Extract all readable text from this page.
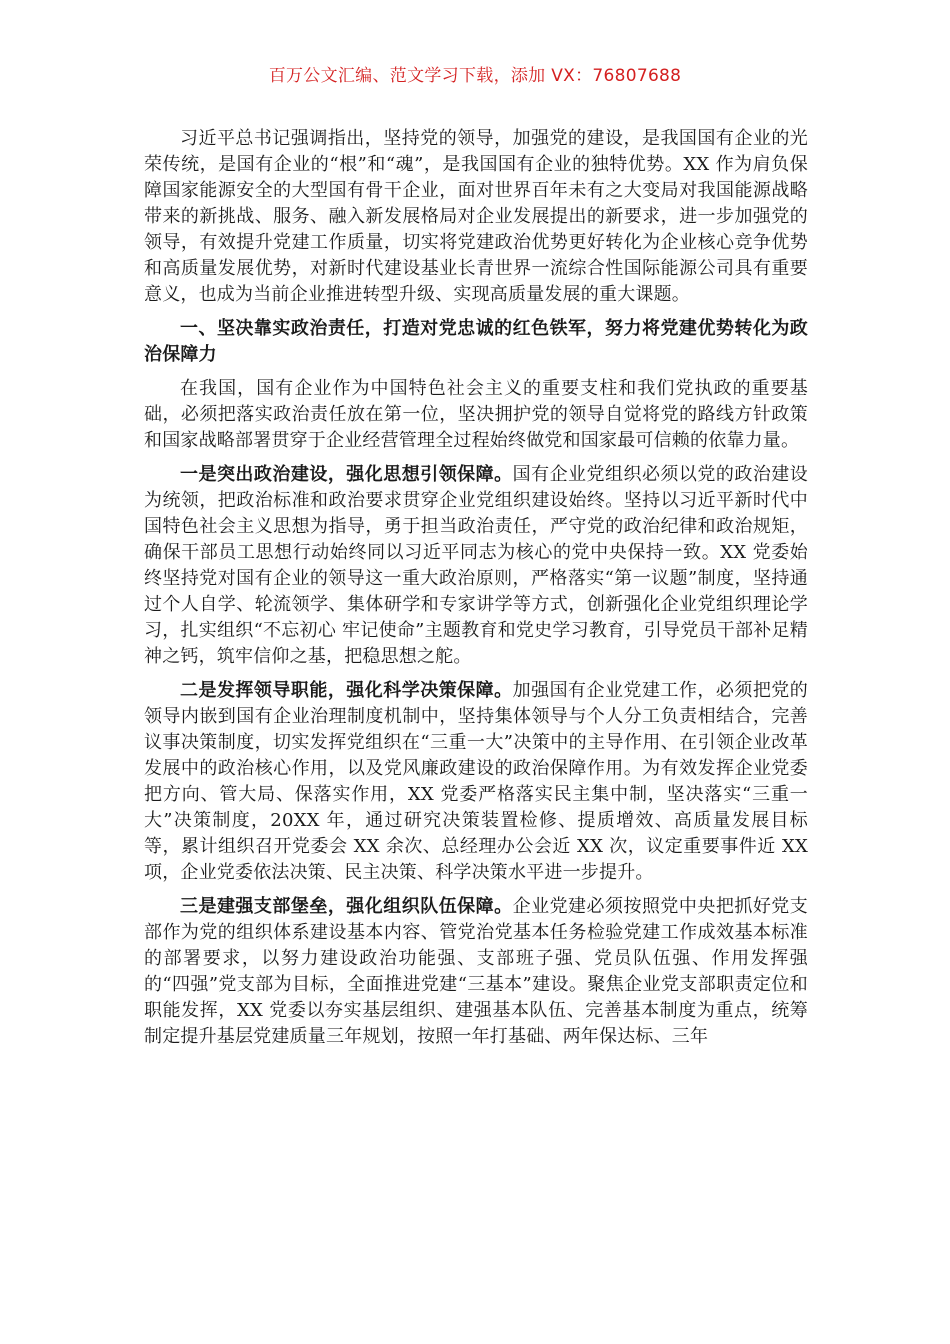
百万公文汇编、范文学习下载，添加 VX：76807688

习近平总书记强调指出，坚持党的领导，加强党的建设，是我国国有企业的光荣传统，是国有企业的“根”和“魂”，是我国国有企业的独特优势。XX 作为肩负保障国家能源安全的大型国有骨干企业，面对世界百年未有之大变局对我国能源战略带来的新挑战、服务、融入新发展格局对企业发展提出的新要求，进一步加强党的领导，有效提升党建工作质量，切实将党建政治优势更好转化为企业核心竞争优势和高质量发展优势，对新时代建设基业长青世界一流综合性国际能源公司具有重要意义，也成为当前企业推进转型升级、实现高质量发展的重大课题。

一、坚决靠实政治责任，打造对党忠诚的红色铁军，努力将党建优势转化为政治保障力

在我国，国有企业作为中国特色社会主义的重要支柱和我们党执政的重要基础，必须把落实政治责任放在第一位，坚决拥护党的领导自觉将党的路线方针政策和国家战略部署贯穿于企业经营管理全过程始终做党和国家最可信赖的依靠力量。

一是突出政治建设，强化思想引领保障。国有企业党组织必须以党的政治建设为统领，把政治标准和政治要求贯穿企业党组织建设始终。坚持以习近平新时代中国特色社会主义思想为指导，勇于担当政治责任，严守党的政治纪律和政治规矩，确保干部员工思想行动始终同以习近平同志为核心的党中央保持一致。XX 党委始终坚持党对国有企业的领导这一重大政治原则，严格落实“第一议题”制度，坚持通过个人自学、轮流领学、集体研学和专家讲学等方式，创新强化企业党组织理论学习，扎实组织“不忘初心 牢记使命”主题教育和党史学习教育，引导党员干部补足精神之钙，筑牢信仰之基，把稳思想之舵。

二是发挥领导职能，强化科学决策保障。加强国有企业党建工作，必须把党的领导内嵌到国有企业治理制度机制中，坚持集体领导与个人分工负责相结合，完善议事决策制度，切实发挥党组织在“三重一大”决策中的主导作用、在引领企业改革发展中的政治核心作用，以及党风廉政建设的政治保障作用。为有效发挥企业党委把方向、管大局、保落实作用，XX 党委严格落实民主集中制，坚决落实“三重一大”决策制度，20XX 年，通过研究决策装置检修、提质增效、高质量发展目标等，累计组织召开党委会 XX 余次、总经理办公会近 XX 次，议定重要事件近 XX 项，企业党委依法决策、民主决策、科学决策水平进一步提升。

三是建强支部堡垒，强化组织队伍保障。企业党建必须按照党中央把抓好党支部作为党的组织体系建设基本内容、管党治党基本任务检验党建工作成效基本标准的部署要求，以努力建设政治功能强、支部班子强、党员队伍强、作用发挥强的“四强”党支部为目标，全面推进党建“三基本”建设。聚焦企业党支部职责定位和职能发挥，XX 党委以夯实基层组织、建强基本队伍、完善基本制度为重点，统筹制定提升基层党建质量三年规划，按照一年打基础、两年保达标、三年
